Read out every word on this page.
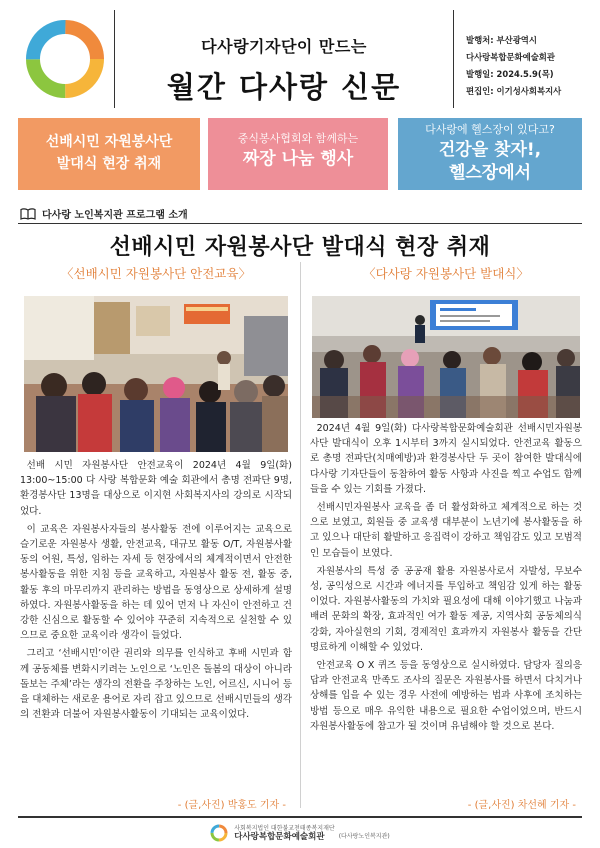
다사랑기자단이 만드는
월간 다사랑 신문
발행처: 부산광역시
다사랑복합문화예술회관
발행일: 2024.5.9(목)
편집인: 이기성사회복지사
선배시민 자원봉사단
발대식 현장 취재
중식봉사협회와 함께하는
짜장 나눔 행사
다사랑에 헬스장이 있다고?
건강을 찾자!,
헬스장에서
다사랑 노인복지관 프로그램 소개
선배시민 자원봉사단 발대식 현장 취재
〈선배시민 자원봉사단 안전교육〉	〈다사랑 자원봉사단 발대식〉

선배 시민 자원봉사단 안전교육이 2024년 4월 9일(화) 13:00~15:00 다 사랑 복합문화 예술 회관에서 총명 전파단 9명, 환경봉사단 13명을 대상으로 이지현 사회복지사의 강의로 시작되었다.

이 교육은 자원봉사자들의 봉사활동 전에 이루어지는 교육으로 슬기로운 자원봉사 생활, 안전교육, 대규모 활동 O/T, 자원봉사활동의 어원, 특성, 임하는 자세 등 현장에서의 체계적이면서 안전한 봉사활동을 위한 지침 등을 교육하고, 자원봉사 활동 전, 활동 중, 활동 후의 마무리까지 관리하는 방법을 동영상으로 상세하게 설명하였다. 자원봉사활동을 하는 데 있어 먼저 나 자신이 안전하고 건강한 신심으로 활동할 수 있어야 꾸준히 지속적으로 실천할 수 있으므로 중요한 교육이라 생각이 들었다.

그리고 ‘선배시민’이란 권리와 의무를 인식하고 후배 시민과 함께 공동체를 변화시키려는 노인으로 ‘노인은 돌봄의 대상이 아니라 돌보는 주체’라는 생각의 전환을 주창하는 노인, 어르신, 시니어 등을 대체하는 새로운 용어로 자리 잡고 있으므로 선배시민들의 생각의 전환과 더불어 자원봉사활동이 기대되는 교육이었다.

2024년 4월 9일(화) 다사랑복합문화예술회관 선배시민자원봉사단 발대식이 오후 1시부터 3까지 실시되었다. 안전교육 활동으로 총명 전파단(치매예방)과 환경봉사단 두 곳이 참여한 발대식에 다사랑 기자단들이 동참하여 활동 사항과 사진을 찍고 수업도 함께 들을 수 있는 기회를 가졌다.

선배시민자원봉사 교육을 좀 더 활성화하고 체계적으로 하는 것으로 보였고, 회원들 중 교육생 대부분이 노년기에 봉사활동을 하고 있으나 대단히 활발하고 응집력이 강하고 책임감도 있고 모범적인 모습들이 보였다.

자원봉사의 특성 중 공공재 활용 자원봉사로서 자발성, 무보수성, 공익성으로 시간과 에너지를 투입하고 책임감 있게 하는 활동이었다. 자원봉사활동의 가치와 필요성에 대해 이야기했고 나눔과 배려 문화의 확장, 효과적인 여가 활동 제공, 지역사회 공동체의식 강화, 자아실현의 기회, 경제적인 효과까지 자원봉사 활동을 간단명료하게 이해할 수 있었다.

안전교육 O X 퀴즈 등을 동영상으로 실시하였다. 담당자 질의응답과 안전교육 만족도 조사의 질문은 자원봉사를 하면서 다치거나 상해를 입을 수 있는 경우 사전에 예방하는 법과 사후에 조치하는 방법 등으로 매우 유익한 내용으로 필요한 수업이었으며, 반드시 자원봉사활동에 참고가 될 것이며 유념해야 할 것으로 본다.

- (글,사진) 박홍도 기자 -	- (글,사진) 차선혜 기자 -
사회복지법인 대한불교천태종복지재단
다사랑복합문화예술회관	(다사랑노인복지관)
